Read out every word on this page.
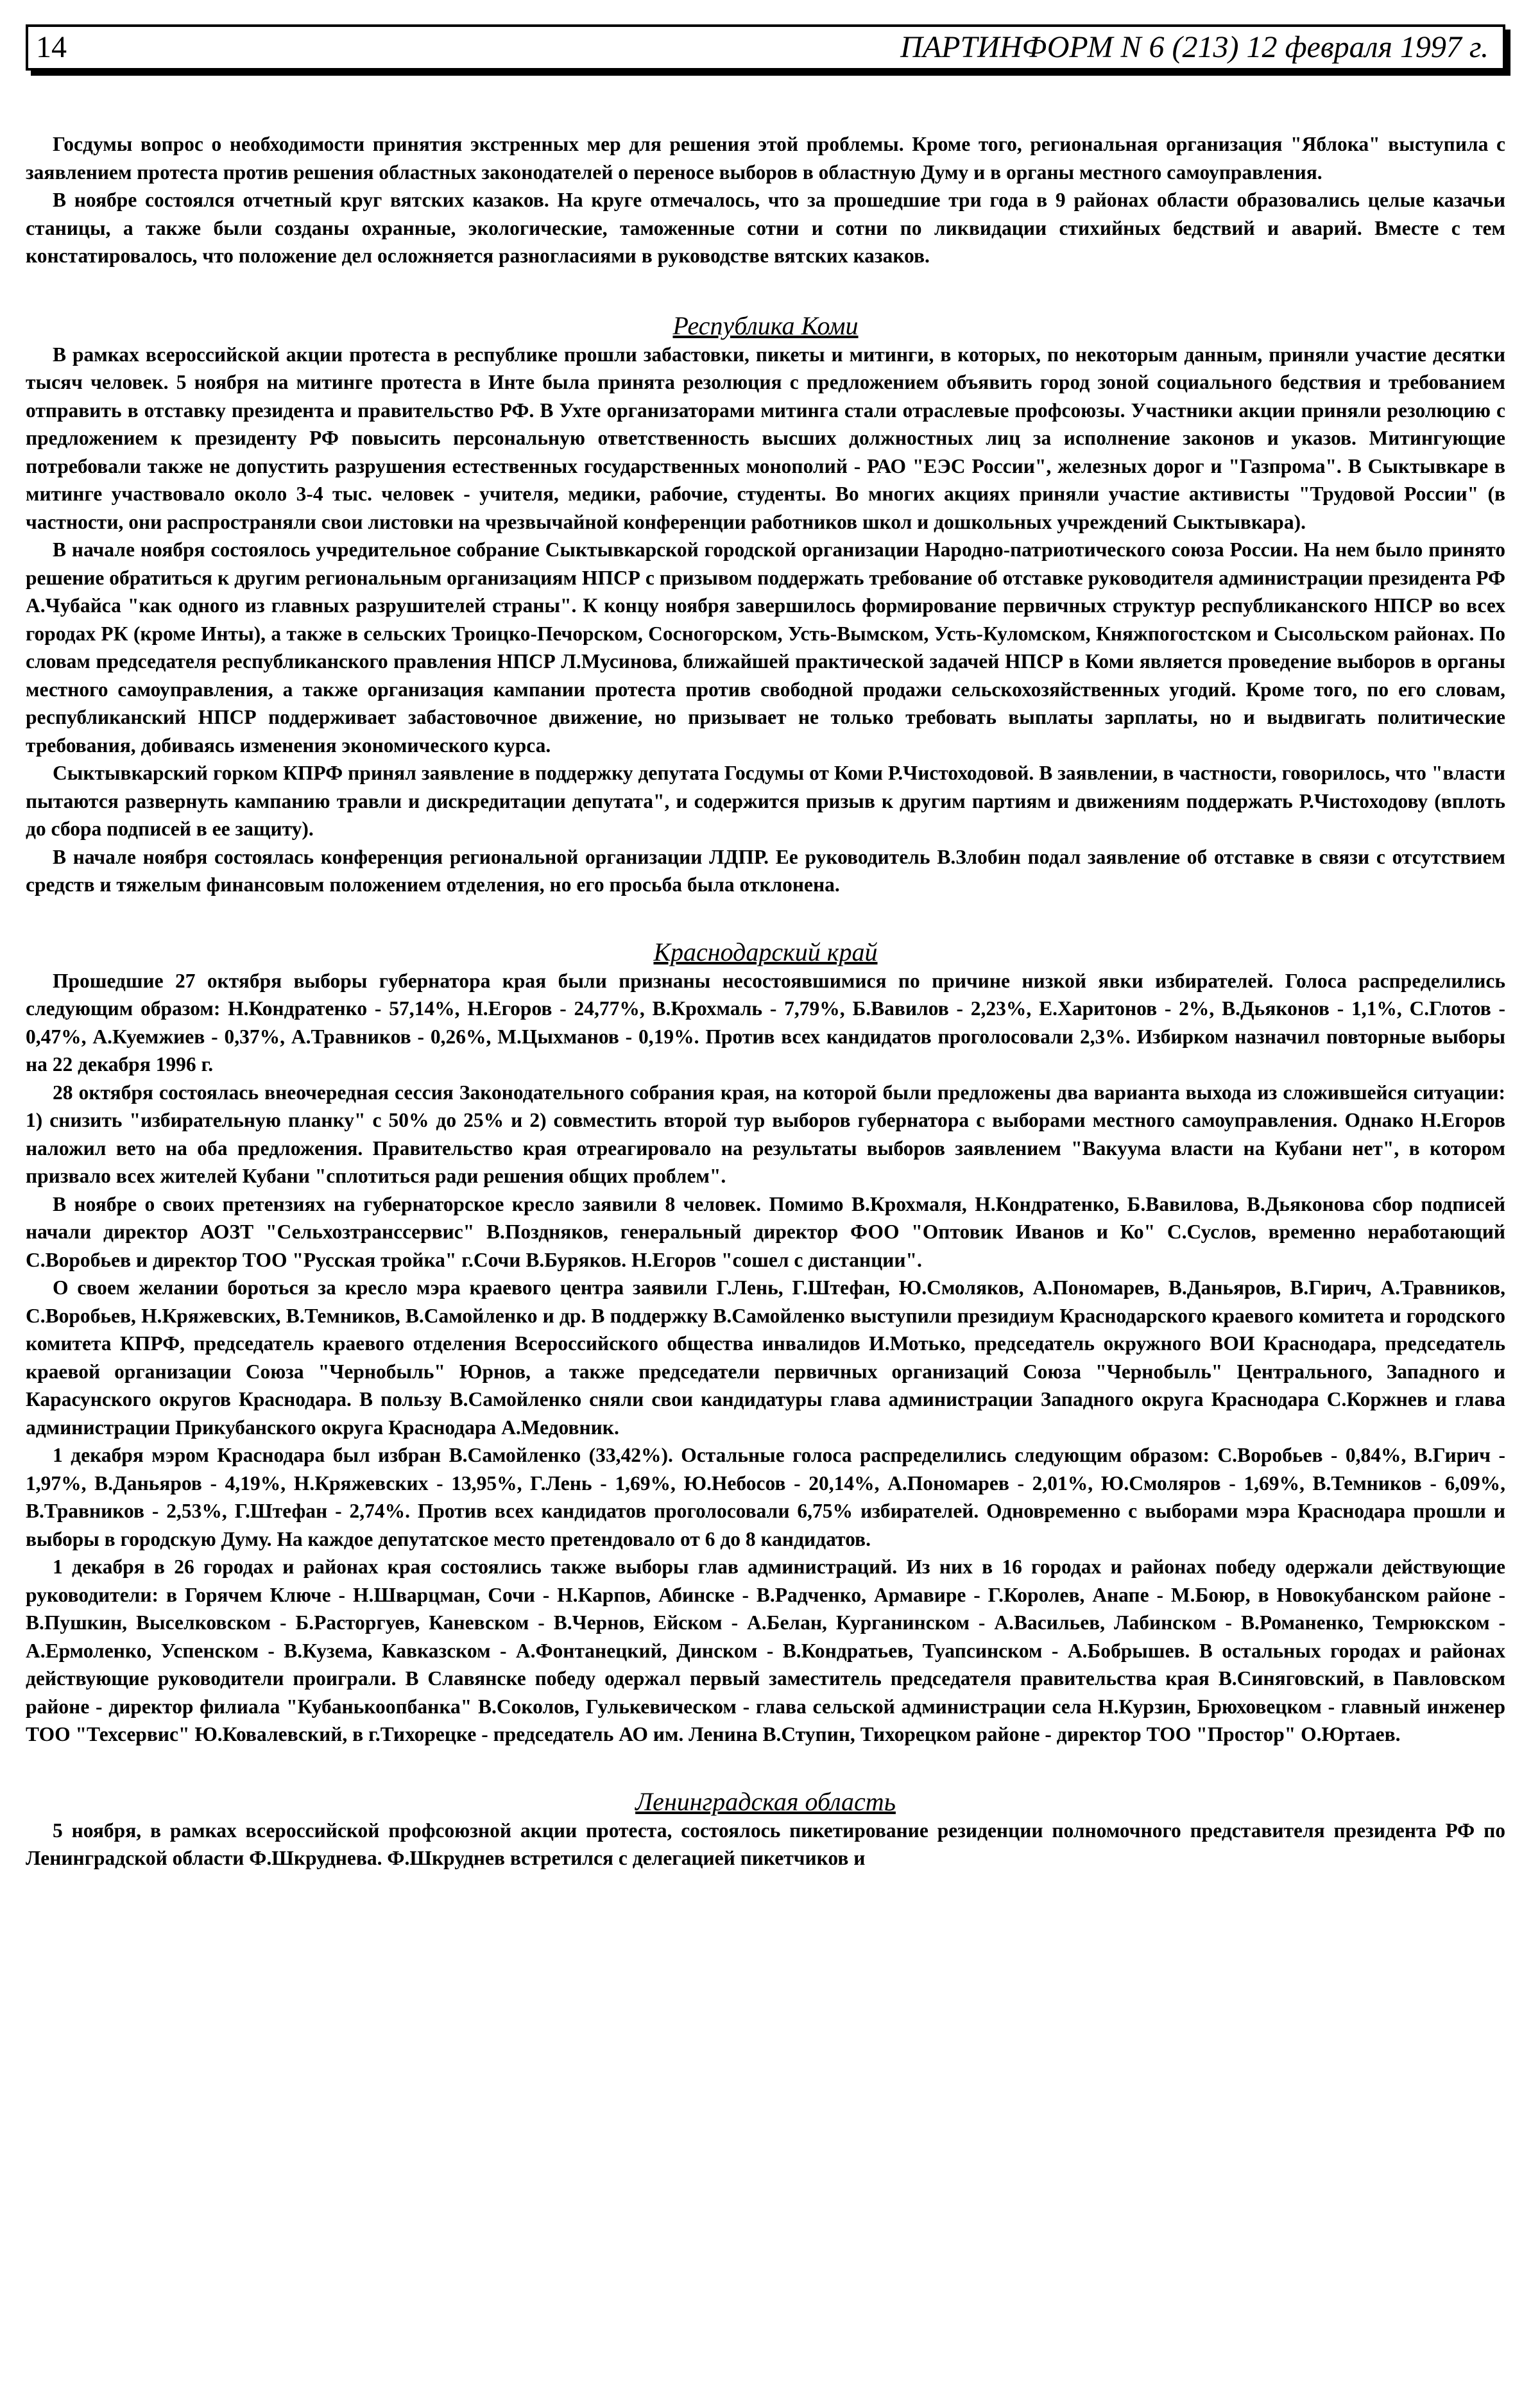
14	ПАРТИНФОРМ N 6 (213) 12 февраля 1997 г.

Госдумы вопрос о необходимости принятия экстренных мер для решения этой проблемы. Кроме того, региональная организация "Яблока" выступила с заявлением протеста против решения областных законодателей о переносе выборов в областную Думу и в органы местного самоуправления.

В ноябре состоялся отчетный круг вятских казаков. На круге отмечалось, что за прошедшие три года в 9 районах области образовались целые казачьи станицы, а также были созданы охранные, экологические, таможенные сотни и сотни по ликвидации стихийных бедствий и аварий. Вместе с тем констатировалось, что положение дел осложняется разногласиями в руководстве вятских казаков.

Республика Коми

В рамках всероссийской акции протеста в республике прошли забастовки, пикеты и митинги, в которых, по некоторым данным, приняли участие десятки тысяч человек. 5 ноября на митинге протеста в Инте была принята резолюция с предложением объявить город зоной социального бедствия и требованием отправить в отставку президента и правительство РФ. В Ухте организаторами митинга стали отраслевые профсоюзы. Участники акции приняли резолюцию с предложением к президенту РФ повысить персональную ответственность высших должностных лиц за исполнение законов и указов. Митингующие потребовали также не допустить разрушения естественных государственных монополий - РАО "ЕЭС России", железных дорог и "Газпрома". В Сыктывкаре в митинге участвовало около 3-4 тыс. человек - учителя, медики, рабочие, студенты. Во многих акциях приняли участие активисты "Трудовой России" (в частности, они распространяли свои листовки на чрезвычайной конференции работников школ и дошкольных учреждений Сыктывкара).

В начале ноября состоялось учредительное собрание Сыктывкарской городской организации Народно-патриотического союза России. На нем было принято решение обратиться к другим региональным организациям НПСР с призывом поддержать требование об отставке руководителя администрации президента РФ А.Чубайса "как одного из главных разрушителей страны". К концу ноября завершилось формирование первичных структур республиканского НПСР во всех городах РК (кроме Инты), а также в сельских Троицко-Печорском, Сосногорском, Усть-Вымском, Усть-Куломском, Княжпогостском и Сысольском районах. По словам председателя республиканского правления НПСР Л.Мусинова, ближайшей практической задачей НПСР в Коми является проведение выборов в органы местного самоуправления, а также организация кампании протеста против свободной продажи сельскохозяйственных угодий. Кроме того, по его словам, республиканский НПСР поддерживает забастовочное движение, но призывает не только требовать выплаты зарплаты, но и выдвигать политические требования, добиваясь изменения экономического курса.

Сыктывкарский горком КПРФ принял заявление в поддержку депутата Госдумы от Коми Р.Чистоходовой. В заявлении, в частности, говорилось, что "власти пытаются развернуть кампанию травли и дискредитации депутата", и содержится призыв к другим партиям и движениям поддержать Р.Чистоходову (вплоть до сбора подписей в ее защиту).

В начале ноября состоялась конференция региональной организации ЛДПР. Ее руководитель В.Злобин подал заявление об отставке в связи с отсутствием средств и тяжелым финансовым положением отделения, но его просьба была отклонена.

Краснодарский край

Прошедшие 27 октября выборы губернатора края были признаны несостоявшимися по причине низкой явки избирателей. Голоса распределились следующим образом: Н.Кондратенко - 57,14%, Н.Егоров - 24,77%, В.Крохмаль - 7,79%, Б.Вавилов - 2,23%, Е.Харитонов - 2%, В.Дьяконов - 1,1%, С.Глотов - 0,47%, А.Куемжиев - 0,37%, А.Травников - 0,26%, М.Цыхманов - 0,19%. Против всех кандидатов проголосовали 2,3%. Избирком назначил повторные выборы на 22 декабря 1996 г.

28 октября состоялась внеочередная сессия Законодательного собрания края, на которой были предложены два варианта выхода из сложившейся ситуации: 1) снизить "избирательную планку" с 50% до 25% и 2) совместить второй тур выборов губернатора с выборами местного самоуправления. Однако Н.Егоров наложил вето на оба предложения. Правительство края отреагировало на результаты выборов заявлением "Вакуума власти на Кубани нет", в котором призвало всех жителей Кубани "сплотиться ради решения общих проблем".

В ноябре о своих претензиях на губернаторское кресло заявили 8 человек. Помимо В.Крохмаля, Н.Кондратенко, Б.Вавилова, В.Дьяконова сбор подписей начали директор АОЗТ "Сельхозтрансcервис" В.Поздняков, генеральный директор ФОО "Оптовик Иванов и Ко" С.Суслов, временно неработающий С.Воробьев и директор ТОО "Русская тройка" г.Сочи В.Буряков. Н.Егоров "сошел с дистанции".

О своем желании бороться за кресло мэра краевого центра заявили Г.Лень, Г.Штефан, Ю.Смоляков, А.Пономарев, В.Даньяров, В.Гирич, А.Травников, С.Воробьев, Н.Кряжевских, В.Темников, В.Самойленко и др. В поддержку В.Самойленко выступили президиум Краснодарского краевого комитета и городского комитета КПРФ, председатель краевого отделения Всероссийского общества инвалидов И.Мотько, председатель окружного ВОИ Краснодара, председатель краевой организации Союза "Чернобыль" Юрнов, а также председатели первичных организаций Союза "Чернобыль" Центрального, Западного и Карасунского округов Краснодара. В пользу В.Самойленко сняли свои кандидатуры глава администрации Западного округа Краснодара С.Коржнев и глава администрации Прикубанского округа Краснодара А.Медовник.

1 декабря мэром Краснодара был избран В.Самойленко (33,42%). Остальные голоса распределились следующим образом: С.Воробьев - 0,84%, В.Гирич - 1,97%, В.Даньяров - 4,19%, Н.Кряжевских - 13,95%, Г.Лень - 1,69%, Ю.Небосов - 20,14%, А.Пономарев - 2,01%, Ю.Смоляров - 1,69%, В.Темников - 6,09%, В.Травников - 2,53%, Г.Штефан - 2,74%. Против всех кандидатов проголосовали 6,75% избирателей. Одновременно с выборами мэра Краснодара прошли и выборы в городскую Думу. На каждое депутатское место претендовало от 6 до 8 кандидатов.

1 декабря в 26 городах и районах края состоялись также выборы глав администраций. Из них в 16 городах и районах победу одержали действующие руководители: в Горячем Ключе - Н.Шварцман, Сочи - Н.Карпов, Абинске - В.Радченко, Армавире - Г.Королев, Анапе - М.Боюр, в Новокубанском районе - В.Пушкин, Выселковском - Б.Расторгуев, Каневском - В.Чернов, Ейском - А.Белан, Курганинском - А.Васильев, Лабинском - В.Романенко, Темрюкском - А.Ермоленко, Успенском - В.Кузема, Кавказском - А.Фонтанецкий, Динском - В.Кондратьев, Туапсинском - А.Бобрышев. В остальных городах и районах действующие руководители проиграли. В Славянске победу одержал первый заместитель председателя правительства края В.Синяговский, в Павловском районе - директор филиала "Кубанькоопбанка" В.Соколов, Гулькевическом - глава сельской администрации села Н.Курзин, Брюховецком - главный инженер ТОО "Техсервис" Ю.Ковалевский, в г.Тихорецке - председатель АО им. Ленина В.Ступин, Тихорецком районе - директор ТОО "Простор" О.Юртаев.

Ленинградская область

5 ноября, в рамках всероссийской профсоюзной акции протеста, состоялось пикетирование резиденции полномочного представителя президента РФ по Ленинградской области Ф.Шкруднева. Ф.Шкруднев встретился с делегацией пикетчиков и
